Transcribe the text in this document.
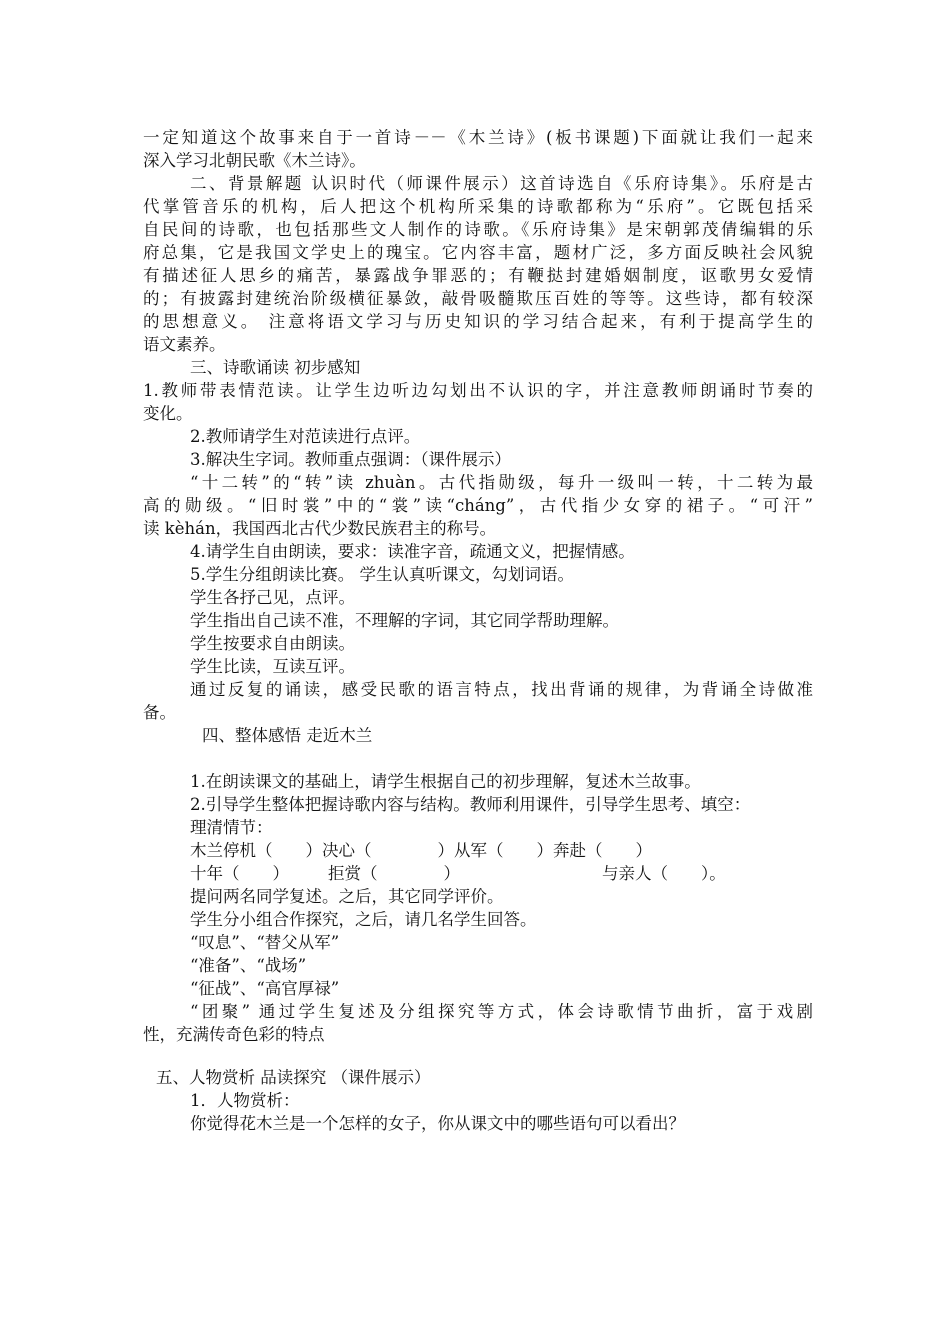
一定知道这个故事来自于一首诗－－《木兰诗》(板书课题)下面就让我们一起来
深入学习北朝民歌《木兰诗》。
二、背景解题 认识时代（师课件展示）这首诗选自《乐府诗集》。乐府是古
代掌管音乐的机构，后人把这个机构所采集的诗歌都称为“乐府”。它既包括采
自民间的诗歌，也包括那些文人制作的诗歌。《乐府诗集》是宋朝郭茂倩编辑的乐
府总集，它是我国文学史上的瑰宝。它内容丰富，题材广泛，多方面反映社会风貌
有描述征人思乡的痛苦，暴露战争罪恶的；有鞭挞封建婚姻制度，讴歌男女爱情
的；有披露封建统治阶级横征暴敛，敲骨吸髓欺压百姓的等等。这些诗，都有较深
的思想意义。 注意将语文学习与历史知识的学习结合起来，有利于提高学生的
语文素养。
三、诗歌诵读 初步感知
1.教师带表情范读。让学生边听边勾划出不认识的字，并注意教师朗诵时节奏的
变化。
2.教师请学生对范读进行点评。
3.解决生字词。教师重点强调：（课件展示）
“十二转”的“转”读 zhuàn。古代指勋级，每升一级叫一转，十二转为最
高的勋级。“旧时裳”中的“裳”读“cháng”，古代指少女穿的裙子。“可汗”
读 kèhán，我国西北古代少数民族君主的称号。
4.请学生自由朗读，要求：读准字音，疏通文义，把握情感。
5.学生分组朗读比赛。 学生认真听课文，勾划词语。
学生各抒己见，点评。
学生指出自己读不准，不理解的字词，其它同学帮助理解。
学生按要求自由朗读。
学生比读，互读互评。
通过反复的诵读，感受民歌的语言特点，找出背诵的规律，为背诵全诗做准
备。
四、整体感悟 走近木兰
1.在朗读课文的基础上，请学生根据自己的初步理解，复述木兰故事。
2.引导学生整体把握诗歌内容与结构。教师利用课件，引导学生思考、填空：
理清情节：
木兰停机（　　）决心（　　　　）从军（　　）奔赴（　　）
十年（　　） 拒赏（　　　　）	与亲人（　　）。
提问两名同学复述。之后，其它同学评价。
学生分小组合作探究，之后，请几名学生回答。
“叹息”、“替父从军”
“准备”、“战场”
“征战”、“高官厚禄”
“团聚” 通过学生复述及分组探究等方式，体会诗歌情节曲折，富于戏剧
性，充满传奇色彩的特点
五、人物赏析 品读探究 （课件展示）
1．人物赏析：
你觉得花木兰是一个怎样的女子，你从课文中的哪些语句可以看出？
